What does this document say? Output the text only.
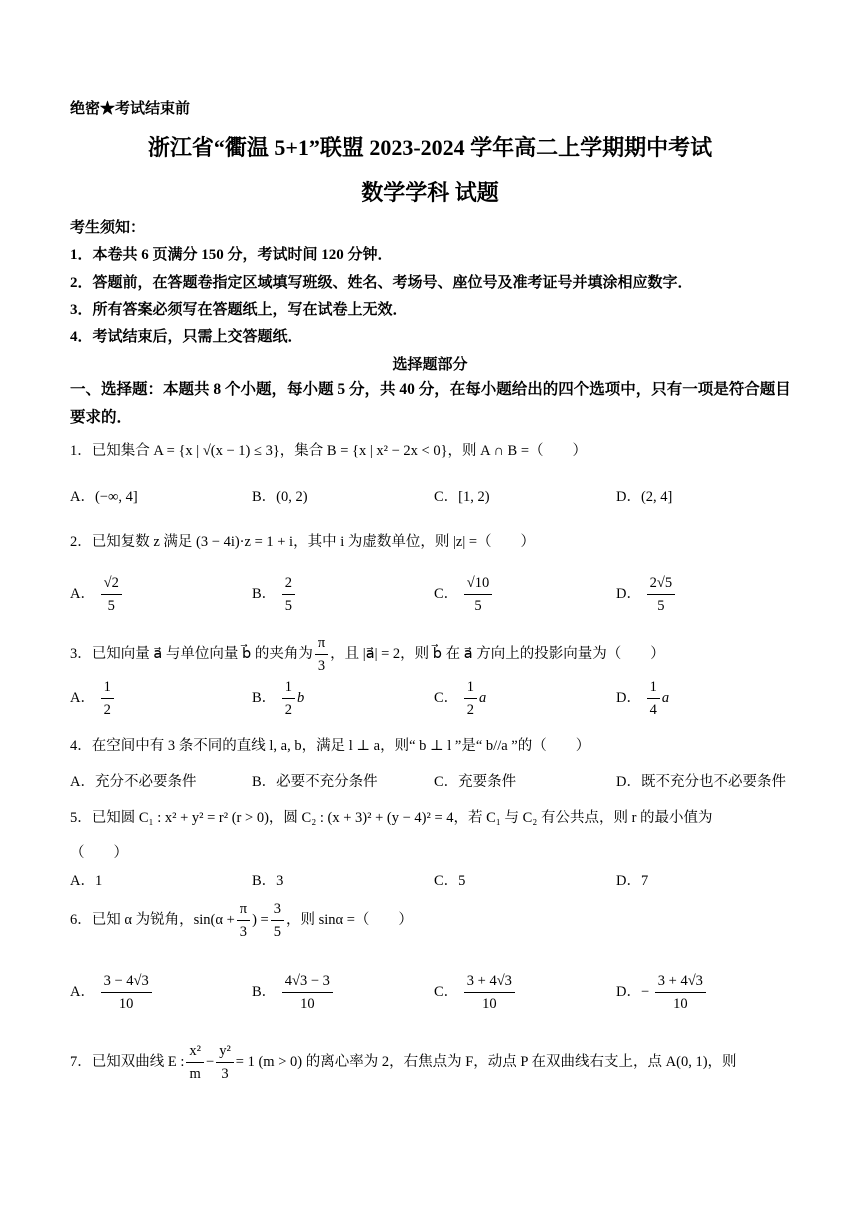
绝密★考试结束前
浙江省“衢温 5+1”联盟 2023-2024 学年高二上学期期中考试
数学学科 试题
考生须知：
1．本卷共 6 页满分 150 分，考试时间 120 分钟．
2．答题前，在答题卷指定区域填写班级、姓名、考场号、座位号及准考证号并填涂相应数字．
3．所有答案必须写在答题纸上，写在试卷上无效．
4．考试结束后，只需上交答题纸．
选择题部分
一、选择题：本题共 8 个小题，每小题 5 分，共 40 分，在每小题给出的四个选项中，只有一项是符合题目要求的．
1．已知集合 A = {x | √(x − 1) ≤ 3}，集合 B = {x | x² − 2x < 0}，则 A ∩ B =（　　）
A．(−∞, 4]	B．(0, 2)	C．[1, 2)	D．(2, 4]
2．已知复数 z 满足 (3 − 4i)·z = 1 + i，其中 i 为虚数单位，则 |z| =（　　）
A． $\frac{√2}{5}$	B． $\frac{2}{5}$	C． $\frac{√10}{5}$	D． $\frac{2√5}{5}$
3．已知向量 a⃗ 与单位向量 b⃗ 的夹角为 $\frac{\pi}{3}$ ，且 |a⃗| = 2，则 b⃗ 在 a⃗ 方向上的投影向量为（　　）
A． $\frac{1}{2}$	B． $\frac{1}{2}$ b⃗	C． $\frac{1}{2}$ a⃗	D． $\frac{1}{4}$ a⃗
4．在空间中有 3 条不同的直线 l, a, b，满足 l ⊥ a，则“ b ⊥ l ”是“ b//a ”的（　　）
A．充分不必要条件	B．必要不充分条件	C．充要条件	D．既不充分也不必要条件
5．已知圆 C₁ : x² + y² = r² (r > 0)，圆 C₂ : (x + 3)² + (y − 4)² = 4，若 C₁ 与 C₂ 有公共点，则 r 的最小值为
（　　）
A．1	B．3	C．5	D．7
6．已知 α 为锐角，$\sin(\alpha + \frac{\pi}{3}$ ) = $\frac{3}{5}$ ，则 sinα =（　　）
A． $\frac{3 - 4√3}{10}$	B． $\frac{4√3 - 3}{10}$	C． $\frac{3 + 4√3}{10}$	D．− $\frac{3 + 4√3}{10}$
7．已知双曲线 E : $\frac{\text{x²}}{m} - \frac{\text{y²}}{3} = 1$ (m > 0) 的离心率为 2，右焦点为 F，动点 P 在双曲线右支上，点 A(0, 1)，则
